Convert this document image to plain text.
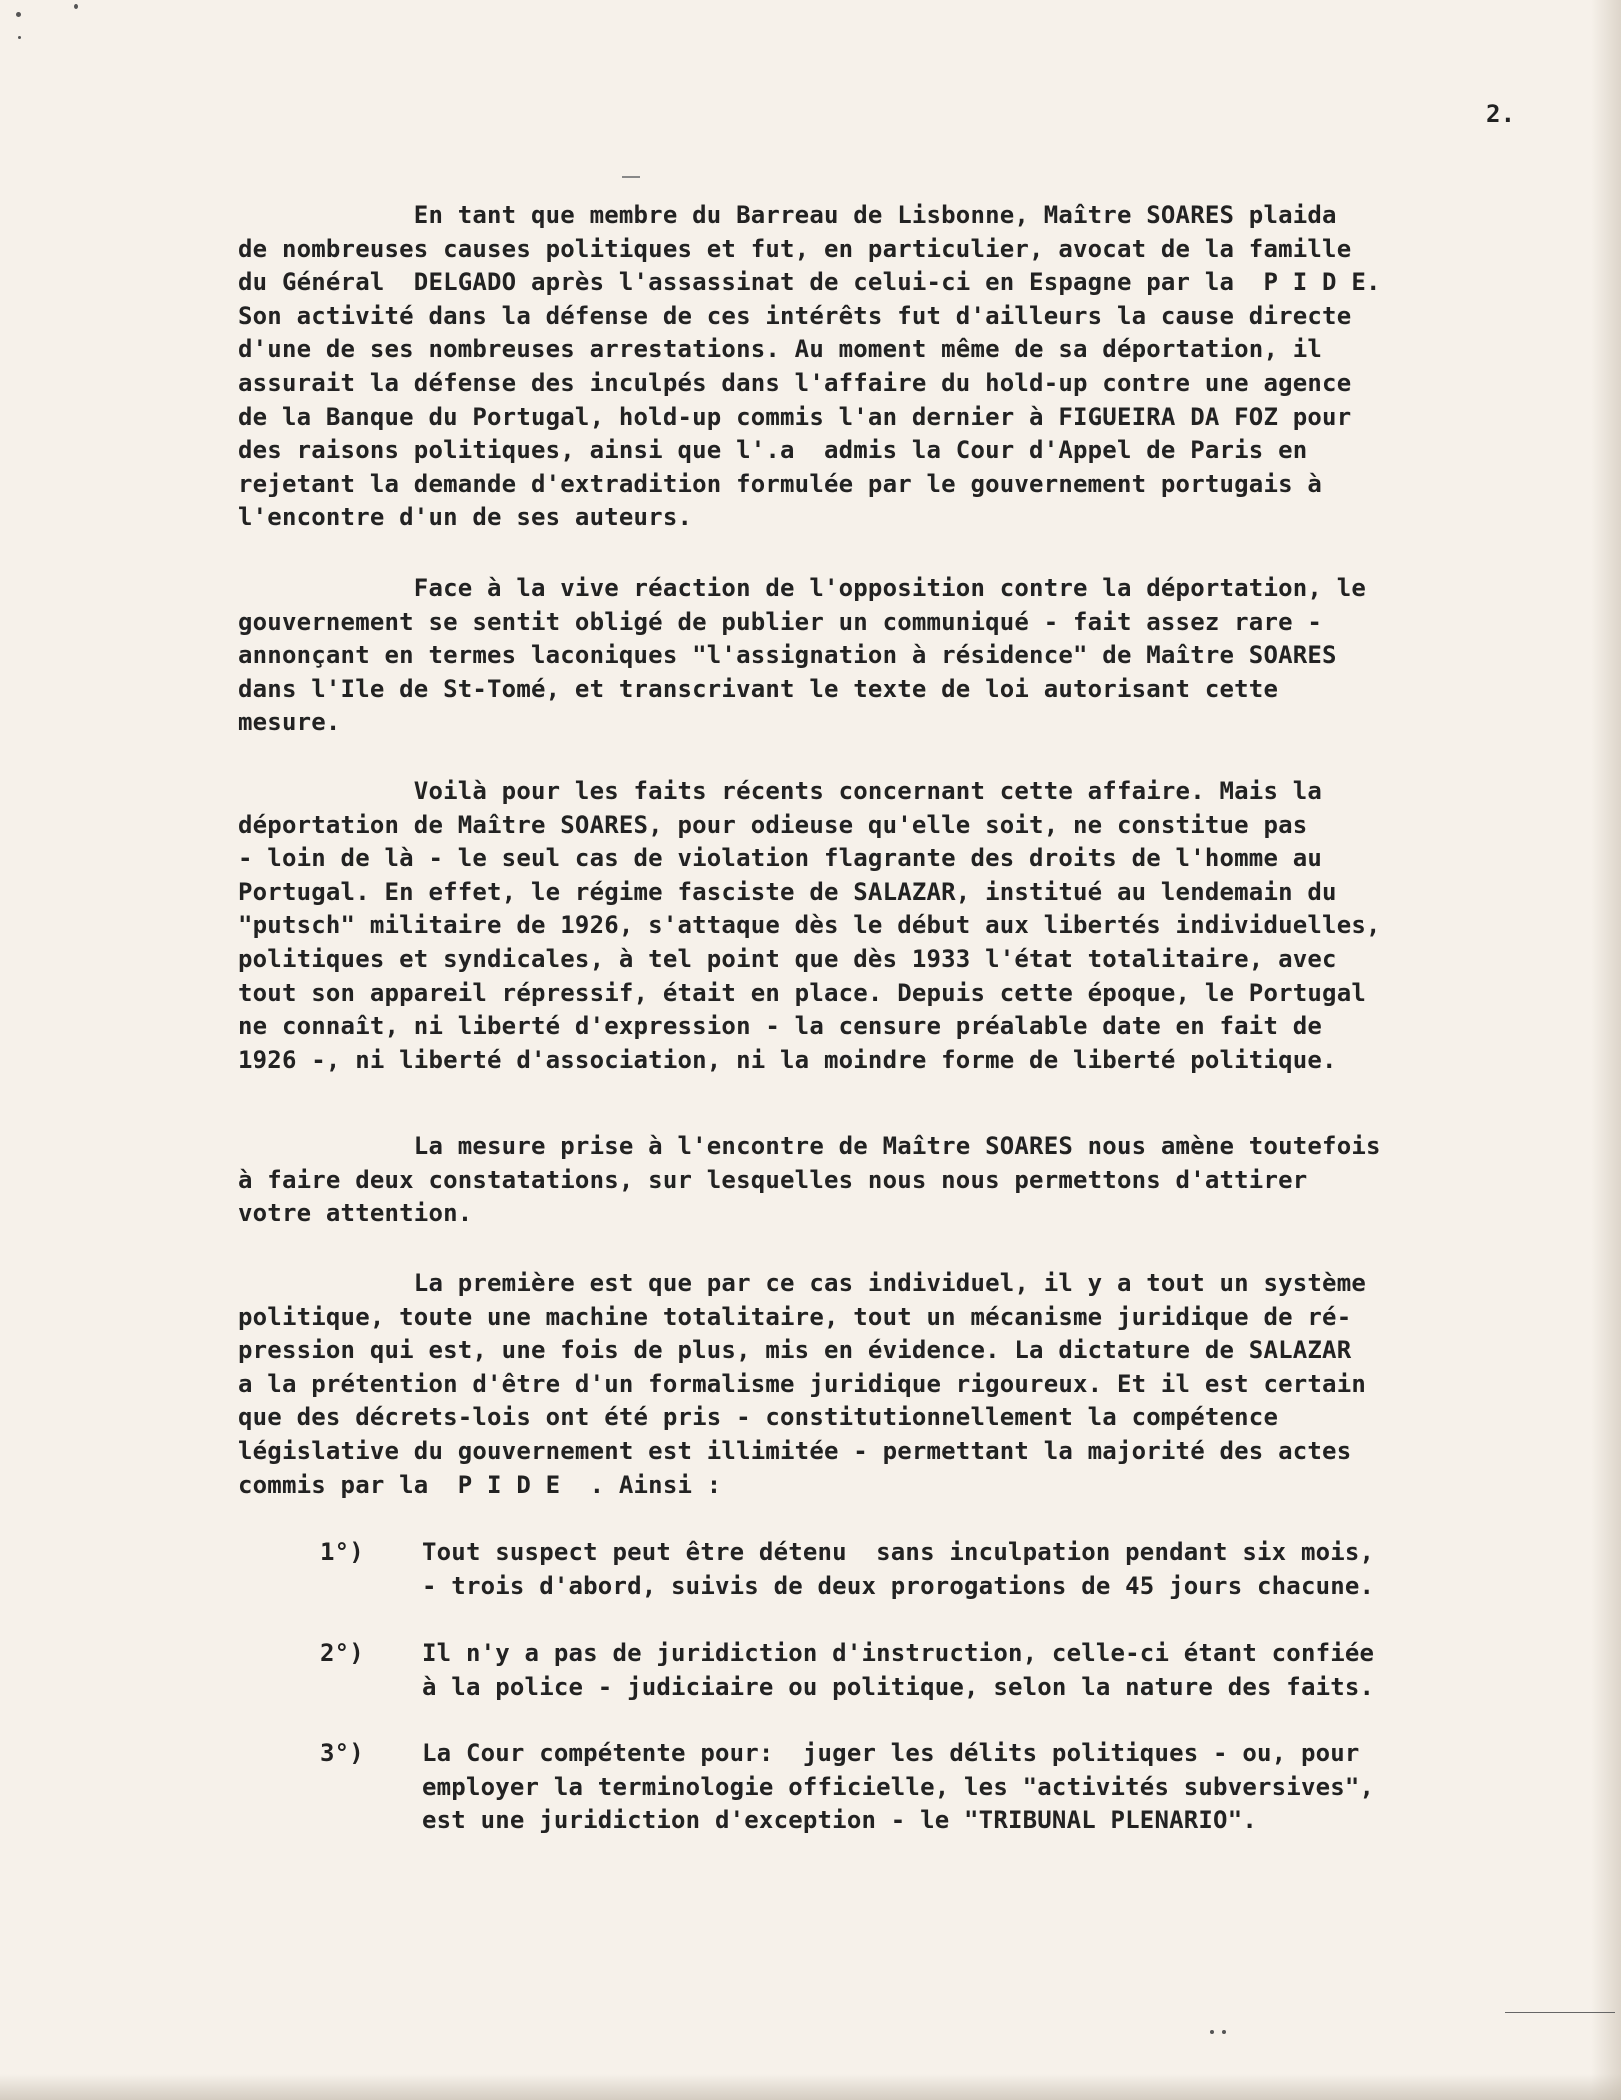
2.
En tant que membre du Barreau de Lisbonne, Maître SOARES plaida
de nombreuses causes politiques et fut, en particulier, avocat de la famille
du Général  DELGADO après l'assassinat de celui-ci en Espagne par la  P I D E.
Son activité dans la défense de ces intérêts fut d'ailleurs la cause directe
d'une de ses nombreuses arrestations. Au moment même de sa déportation, il
assurait la défense des inculpés dans l'affaire du hold-up contre une agence
de la Banque du Portugal, hold-up commis l'an dernier à FIGUEIRA DA FOZ pour
des raisons politiques, ainsi que l'.a  admis la Cour d'Appel de Paris en
rejetant la demande d'extradition formulée par le gouvernement portugais à
l'encontre d'un de ses auteurs.
Face à la vive réaction de l'opposition contre la déportation, le
gouvernement se sentit obligé de publier un communiqué - fait assez rare -
annonçant en termes laconiques "l'assignation à résidence" de Maître SOARES
dans l'Ile de St-Tomé, et transcrivant le texte de loi autorisant cette
mesure.
Voilà pour les faits récents concernant cette affaire. Mais la
déportation de Maître SOARES, pour odieuse qu'elle soit, ne constitue pas
- loin de là - le seul cas de violation flagrante des droits de l'homme au
Portugal. En effet, le régime fasciste de SALAZAR, institué au lendemain du
"putsch" militaire de 1926, s'attaque dès le début aux libertés individuelles,
politiques et syndicales, à tel point que dès 1933 l'état totalitaire, avec
tout son appareil répressif, était en place. Depuis cette époque, le Portugal
ne connaît, ni liberté d'expression - la censure préalable date en fait de
1926 -, ni liberté d'association, ni la moindre forme de liberté politique.
La mesure prise à l'encontre de Maître SOARES nous amène toutefois
à faire deux constatations, sur lesquelles nous nous permettons d'attirer
votre attention.
La première est que par ce cas individuel, il y a tout un système
politique, toute une machine totalitaire, tout un mécanisme juridique de ré-
pression qui est, une fois de plus, mis en évidence. La dictature de SALAZAR
a la prétention d'être d'un formalisme juridique rigoureux. Et il est certain
que des décrets-lois ont été pris - constitutionnellement la compétence
législative du gouvernement est illimitée - permettant la majorité des actes
commis par la  P I D E  . Ainsi :
1°) Tout suspect peut être détenu  sans inculpation pendant six mois,
- trois d'abord, suivis de deux prorogations de 45 jours chacune.
2°) Il n'y a pas de juridiction d'instruction, celle-ci étant confiée
à la police - judiciaire ou politique, selon la nature des faits.
3°) La Cour compétente pour:  juger les délits politiques - ou, pour
employer la terminologie officielle, les "activités subversives",
est une juridiction d'exception - le "TRIBUNAL PLENARIO".
